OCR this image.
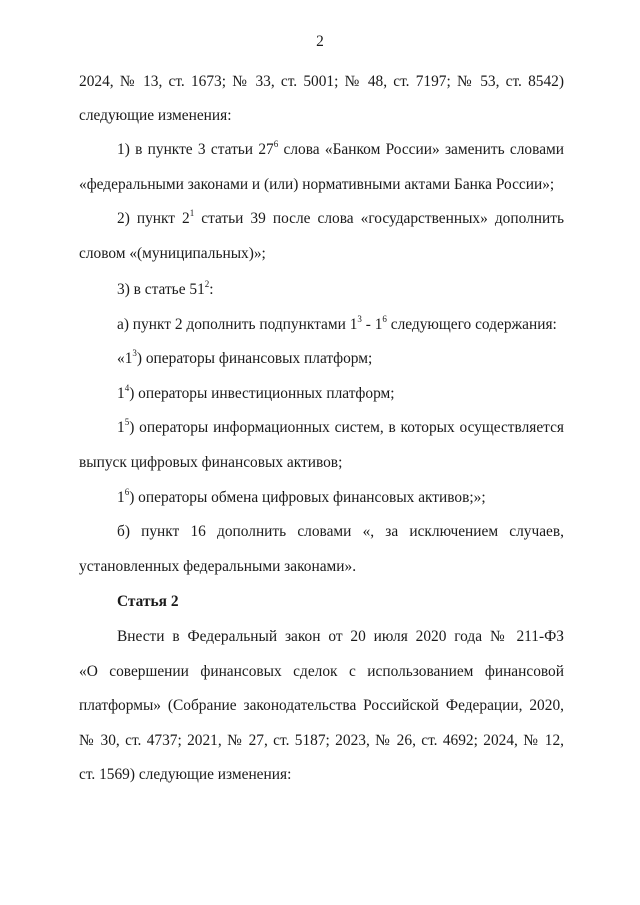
2
2024, № 13, ст. 1673; № 33, ст. 5001; № 48, ст. 7197; № 53, ст. 8542)
следующие изменения:
1) в пункте 3 статьи $27^6$ слова «Банком России» заменить словами
«федеральными законами и (или) нормативными актами Банка России»;
2) пункт $2^1$ статьи 39 после слова «государственных» дополнить
словом «(муниципальных)»;
3) в статье $51^2$:
а) пункт 2 дополнить подпунктами $1^3 - 1^6$ следующего содержания:
«$1^3$) операторы финансовых платформ;
$1^4$) операторы инвестиционных платформ;
$1^5$) операторы информационных систем, в которых осуществляется
выпуск цифровых финансовых активов;
$1^6$) операторы обмена цифровых финансовых активов;»;
б) пункт 16 дополнить словами «, за исключением случаев,
установленных федеральными законами».
Статья 2
Внести в Федеральный закон от 20 июля 2020 года № 211-ФЗ
«О совершении финансовых сделок с использованием финансовой
платформы» (Собрание законодательства Российской Федерации, 2020,
№ 30, ст. 4737; 2021, № 27, ст. 5187; 2023, № 26, ст. 4692; 2024, № 12,
ст. 1569) следующие изменения:
